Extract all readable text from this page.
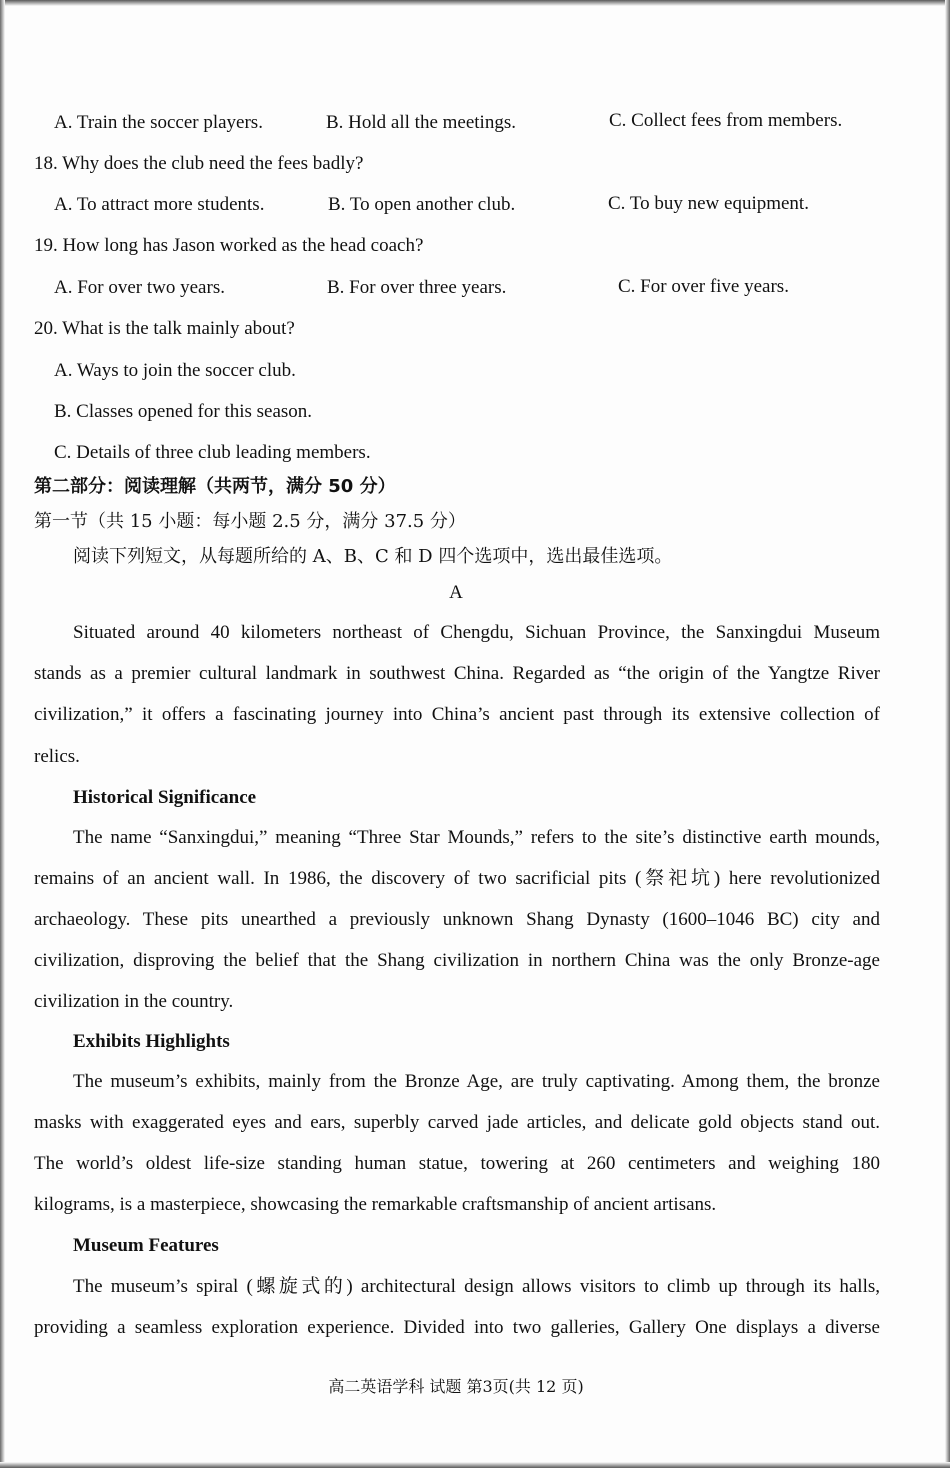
A. Train the soccer players.	B. Hold all the meetings.	C. Collect fees from members.
18. Why does the club need the fees badly?
A. To attract more students.	B. To open another club.	C. To buy new equipment.
19. How long has Jason worked as the head coach?
A. For over two years.	B. For over three years.	C. For over five years.
20. What is the talk mainly about?
A. Ways to join the soccer club.
B. Classes opened for this season.
C. Details of three club leading members.
第二部分：阅读理解（共两节，满分 50 分）
第一节（共 15 小题：每小题 2.5 分，满分 37.5 分）
阅读下列短文，从每题所给的 A、B、C 和 D 四个选项中，选出最佳选项。
A
Situated around 40 kilometers northeast of Chengdu, Sichuan Province, the Sanxingdui Museum
stands as a premier cultural landmark in southwest China. Regarded as “the origin of the Yangtze River
civilization,” it offers a fascinating journey into China’s ancient past through its extensive collection of
relics.
Historical Significance
The name “Sanxingdui,” meaning “Three Star Mounds,” refers to the site’s distinctive earth mounds,
remains of an ancient wall. In 1986, the discovery of two sacrificial pits (祭祀坑) here revolutionized
archaeology. These pits unearthed a previously unknown Shang Dynasty (1600–1046 BC) city and
civilization, disproving the belief that the Shang civilization in northern China was the only Bronze-age
civilization in the country.
Exhibits Highlights
The museum’s exhibits, mainly from the Bronze Age, are truly captivating. Among them, the bronze
masks with exaggerated eyes and ears, superbly carved jade articles, and delicate gold objects stand out.
The world’s oldest life-size standing human statue, towering at 260 centimeters and weighing 180
kilograms, is a masterpiece, showcasing the remarkable craftsmanship of ancient artisans.
Museum Features
The museum’s spiral (螺旋式的) architectural design allows visitors to climb up through its halls,
providing a seamless exploration experience. Divided into two galleries, Gallery One displays a diverse
高二英语学科 试题 第3页(共 12 页)
